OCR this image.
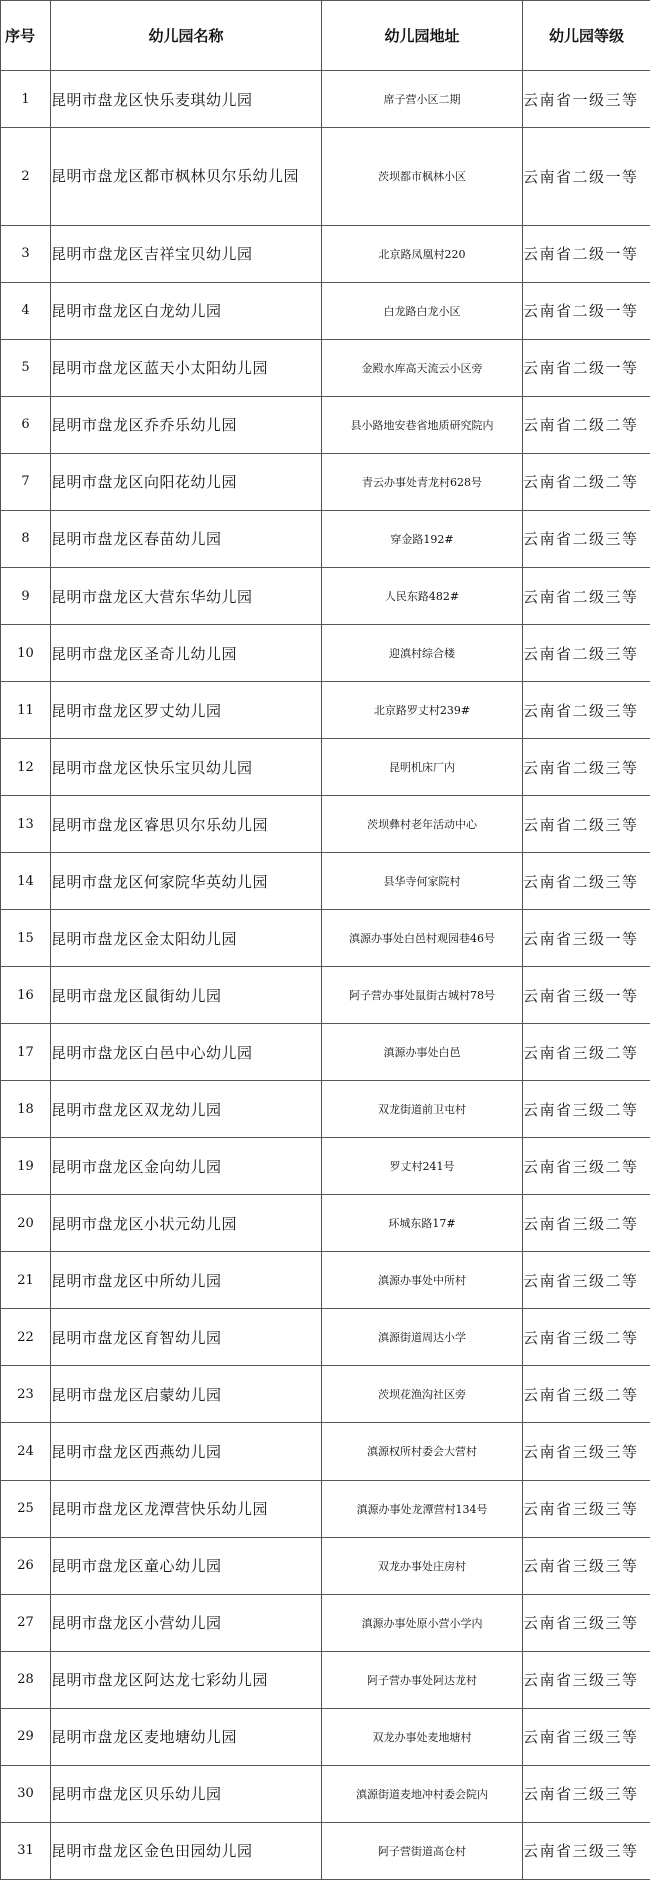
序号	幼儿园名称	幼儿园地址	幼儿园等级
1	昆明市盘龙区快乐麦琪幼儿园	席子营小区二期	云南省一级三等
2	昆明市盘龙区都市枫林贝尔乐幼儿园	茨坝都市枫林小区	云南省二级一等
3	昆明市盘龙区吉祥宝贝幼儿园	北京路凤凰村220	云南省二级一等
4	昆明市盘龙区白龙幼儿园	白龙路白龙小区	云南省二级一等
5	昆明市盘龙区蓝天小太阳幼儿园	金殿水库高天流云小区旁	云南省二级一等
6	昆明市盘龙区乔乔乐幼儿园	县小路地安巷省地质研究院内	云南省二级二等
7	昆明市盘龙区向阳花幼儿园	青云办事处青龙村628号	云南省二级二等
8	昆明市盘龙区春苗幼儿园	穿金路192#	云南省二级三等
9	昆明市盘龙区大营东华幼儿园	人民东路482#	云南省二级三等
10	昆明市盘龙区圣奇儿幼儿园	迎滇村综合楼	云南省二级三等
11	昆明市盘龙区罗丈幼儿园	北京路罗丈村239#	云南省二级三等
12	昆明市盘龙区快乐宝贝幼儿园	昆明机床厂内	云南省二级三等
13	昆明市盘龙区睿思贝尔乐幼儿园	茨坝彝村老年活动中心	云南省二级三等
14	昆明市盘龙区何家院华英幼儿园	县华寺何家院村	云南省二级三等
15	昆明市盘龙区金太阳幼儿园	滇源办事处白邑村观园巷46号	云南省三级一等
16	昆明市盘龙区鼠街幼儿园	阿子营办事处鼠街古城村78号	云南省三级一等
17	昆明市盘龙区白邑中心幼儿园	滇源办事处白邑	云南省三级二等
18	昆明市盘龙区双龙幼儿园	双龙街道前卫屯村	云南省三级二等
19	昆明市盘龙区金向幼儿园	罗丈村241号	云南省三级二等
20	昆明市盘龙区小状元幼儿园	环城东路17#	云南省三级二等
21	昆明市盘龙区中所幼儿园	滇源办事处中所村	云南省三级二等
22	昆明市盘龙区育智幼儿园	滇源街道周达小学	云南省三级二等
23	昆明市盘龙区启蒙幼儿园	茨坝花渔沟社区旁	云南省三级二等
24	昆明市盘龙区西燕幼儿园	滇源权所村委会大营村	云南省三级三等
25	昆明市盘龙区龙潭营快乐幼儿园	滇源办事处龙潭营村134号	云南省三级三等
26	昆明市盘龙区童心幼儿园	双龙办事处庄房村	云南省三级三等
27	昆明市盘龙区小营幼儿园	滇源办事处原小营小学内	云南省三级三等
28	昆明市盘龙区阿达龙七彩幼儿园	阿子营办事处阿达龙村	云南省三级三等
29	昆明市盘龙区麦地塘幼儿园	双龙办事处麦地塘村	云南省三级三等
30	昆明市盘龙区贝乐幼儿园	滇源街道麦地冲村委会院内	云南省三级三等
31	昆明市盘龙区金色田园幼儿园	阿子营街道高仓村	云南省三级三等
